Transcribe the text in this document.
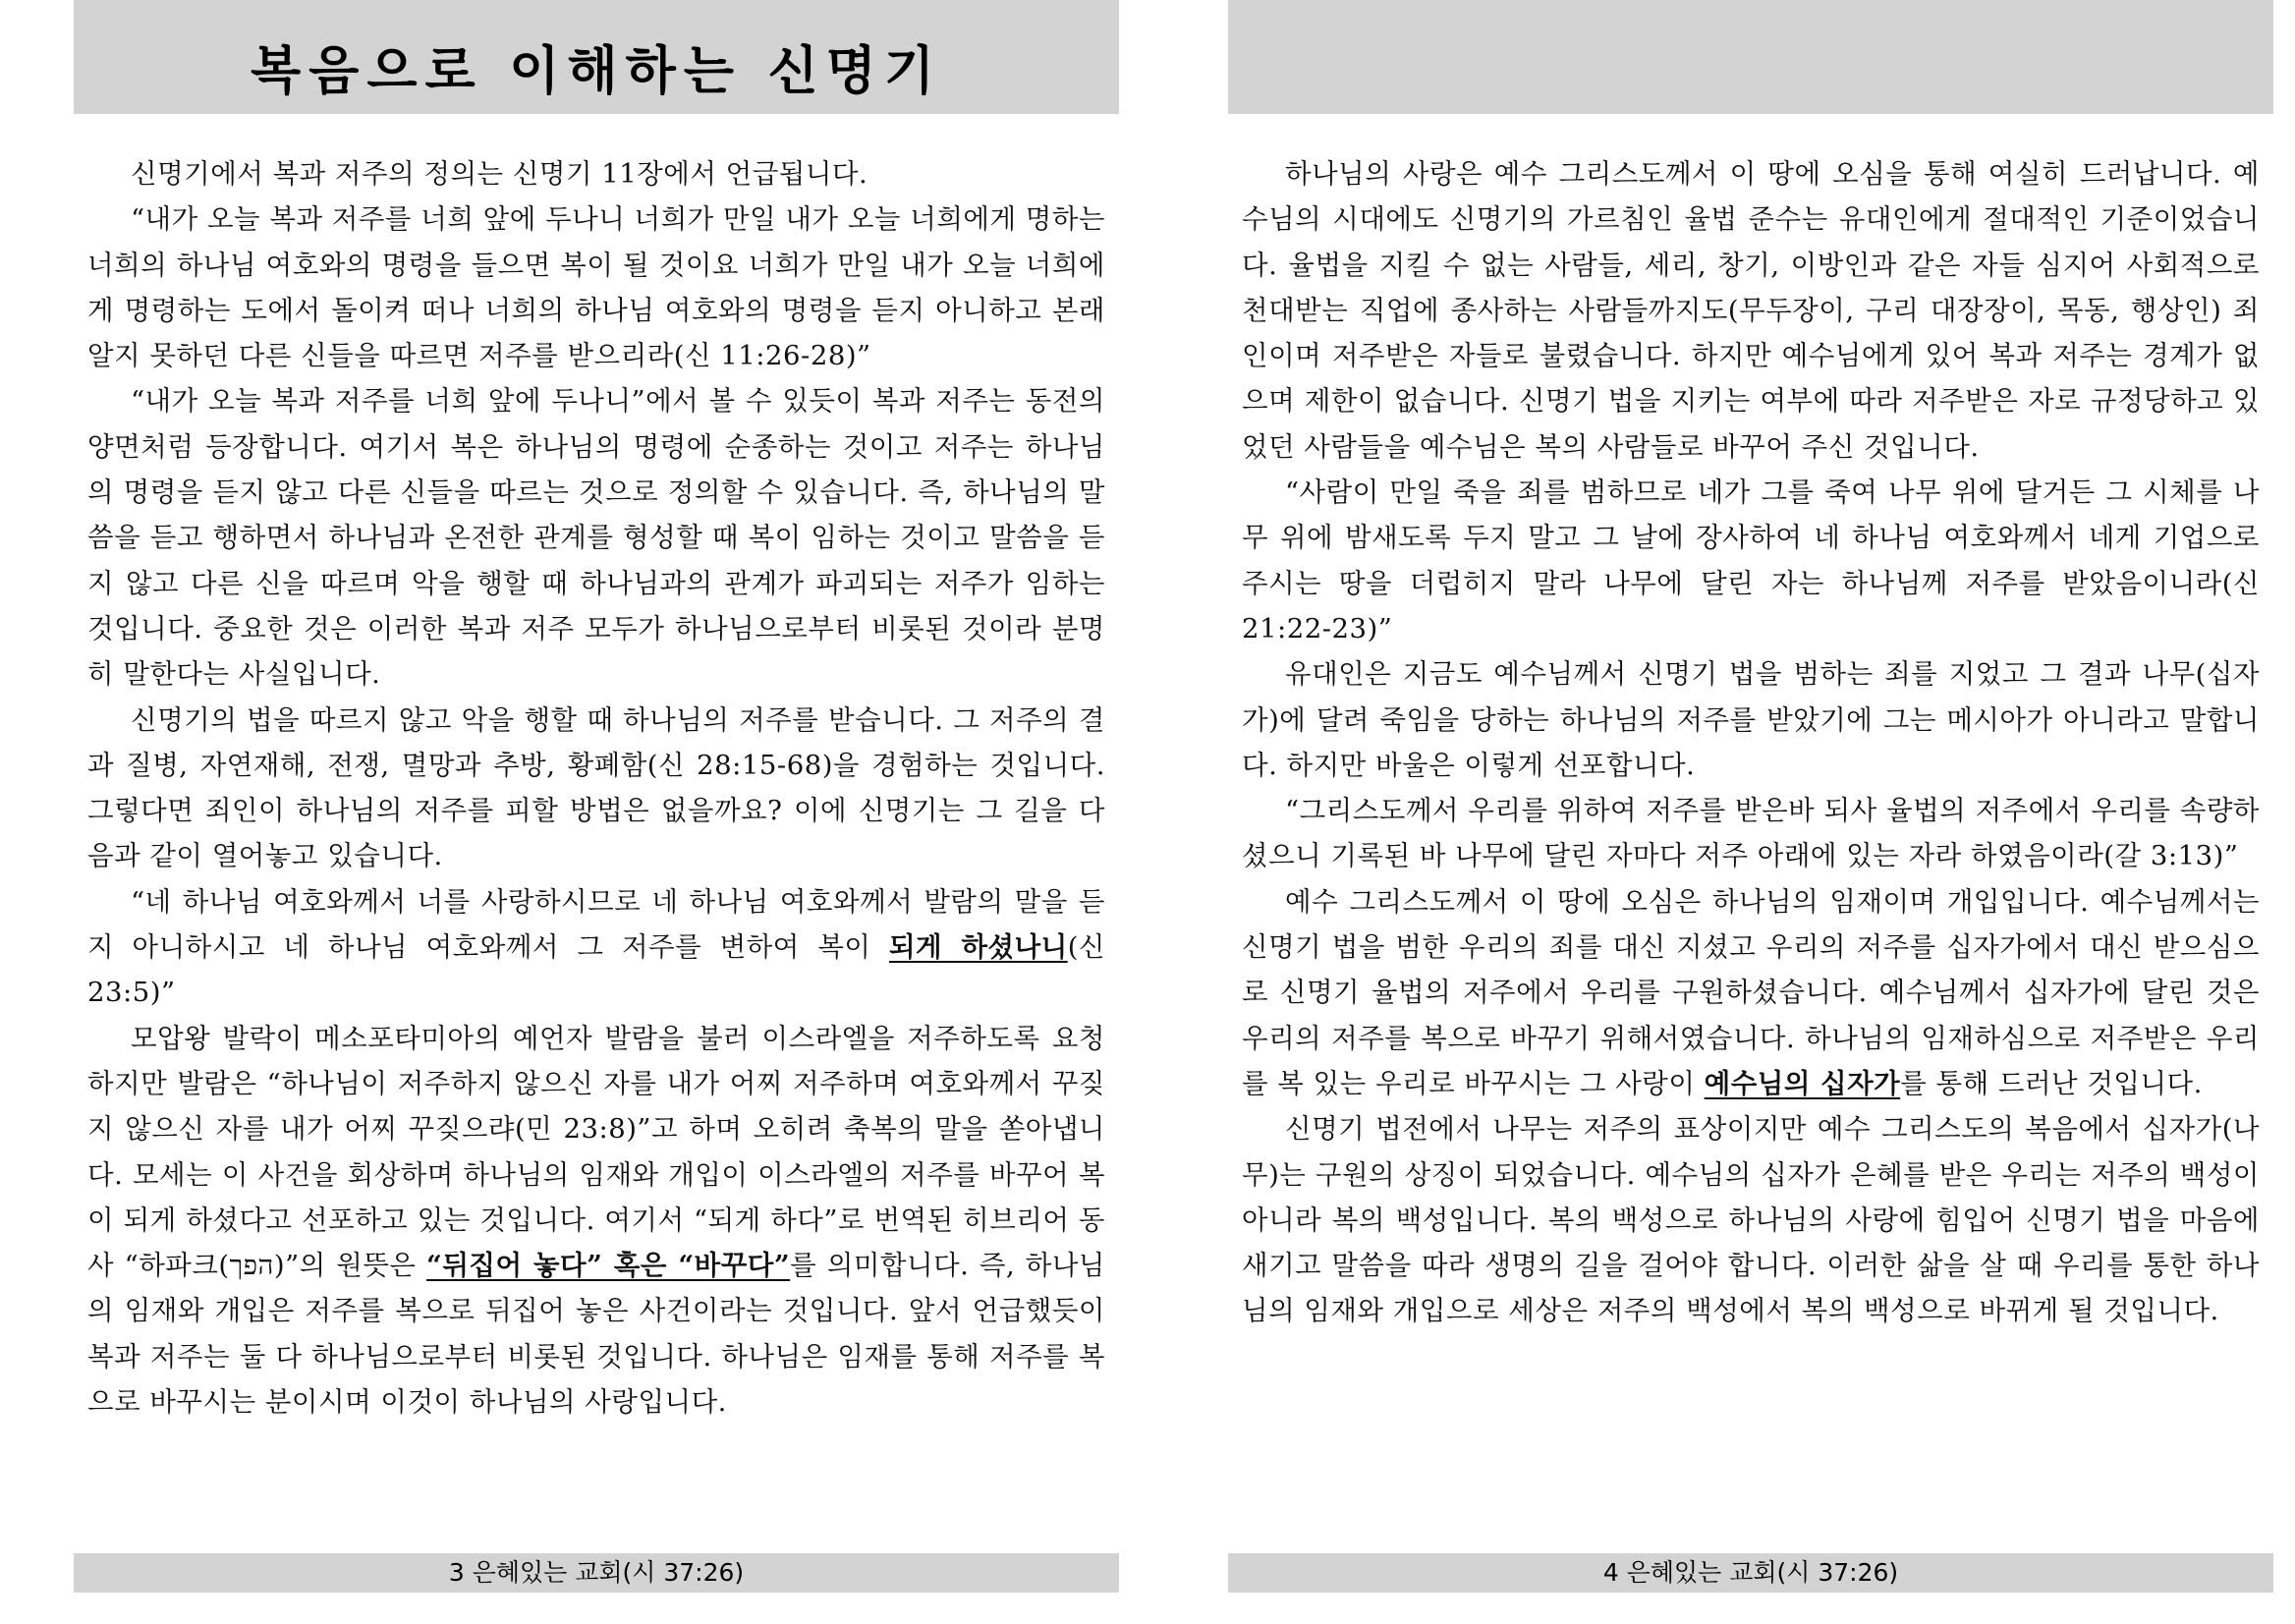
복음으로 이해하는 신명기

신명기에서 복과 저주의 정의는 신명기 11장에서 언급됩니다.

“내가 오늘 복과 저주를 너희 앞에 두나니 너희가 만일 내가 오늘 너희에게 명하는 너희의 하나님 여호와의 명령을 들으면 복이 될 것이요 너희가 만일 내가 오늘 너희에게 명령하는 도에서 돌이켜 떠나 너희의 하나님 여호와의 명령을 듣지 아니하고 본래 알지 못하던 다른 신들을 따르면 저주를 받으리라(신 11:26-28)”

“내가 오늘 복과 저주를 너희 앞에 두나니”에서 볼 수 있듯이 복과 저주는 동전의 양면처럼 등장합니다. 여기서 복은 하나님의 명령에 순종하는 것이고 저주는 하나님의 명령을 듣지 않고 다른 신들을 따르는 것으로 정의할 수 있습니다. 즉, 하나님의 말씀을 듣고 행하면서 하나님과 온전한 관계를 형성할 때 복이 임하는 것이고 말씀을 듣지 않고 다른 신을 따르며 악을 행할 때 하나님과의 관계가 파괴되는 저주가 임하는 것입니다. 중요한 것은 이러한 복과 저주 모두가 하나님으로부터 비롯된 것이라 분명히 말한다는 사실입니다.

신명기의 법을 따르지 않고 악을 행할 때 하나님의 저주를 받습니다. 그 저주의 결과 질병, 자연재해, 전쟁, 멸망과 추방, 황폐함(신 28:15-68)을 경험하는 것입니다. 그렇다면 죄인이 하나님의 저주를 피할 방법은 없을까요? 이에 신명기는 그 길을 다음과 같이 열어놓고 있습니다.

“네 하나님 여호와께서 너를 사랑하시므로 네 하나님 여호와께서 발람의 말을 듣지 아니하시고 네 하나님 여호와께서 그 저주를 변하여 복이 되게 하셨나니(신 23:5)”

모압왕 발락이 메소포타미아의 예언자 발람을 불러 이스라엘을 저주하도록 요청하지만 발람은 “하나님이 저주하지 않으신 자를 내가 어찌 저주하며 여호와께서 꾸짖지 않으신 자를 내가 어찌 꾸짖으랴(민 23:8)”고 하며 오히려 축복의 말을 쏟아냅니다. 모세는 이 사건을 회상하며 하나님의 임재와 개입이 이스라엘의 저주를 바꾸어 복이 되게 하셨다고 선포하고 있는 것입니다. 여기서 “되게 하다”로 번역된 히브리어 동사 “하파크(הפך)”의 원뜻은 “뒤집어 놓다” 혹은 “바꾸다”를 의미합니다. 즉, 하나님의 임재와 개입은 저주를 복으로 뒤집어 놓은 사건이라는 것입니다. 앞서 언급했듯이 복과 저주는 둘 다 하나님으로부터 비롯된 것입니다. 하나님은 임재를 통해 저주를 복으로 바꾸시는 분이시며 이것이 하나님의 사랑입니다.

3 은혜있는 교회(시 37:26)

하나님의 사랑은 예수 그리스도께서 이 땅에 오심을 통해 여실히 드러납니다. 예수님의 시대에도 신명기의 가르침인 율법 준수는 유대인에게 절대적인 기준이었습니다. 율법을 지킬 수 없는 사람들, 세리, 창기, 이방인과 같은 자들 심지어 사회적으로 천대받는 직업에 종사하는 사람들까지도(무두장이, 구리 대장장이, 목동, 행상인) 죄인이며 저주받은 자들로 불렸습니다. 하지만 예수님에게 있어 복과 저주는 경계가 없으며 제한이 없습니다. 신명기 법을 지키는 여부에 따라 저주받은 자로 규정당하고 있었던 사람들을 예수님은 복의 사람들로 바꾸어 주신 것입니다.

“사람이 만일 죽을 죄를 범하므로 네가 그를 죽여 나무 위에 달거든 그 시체를 나무 위에 밤새도록 두지 말고 그 날에 장사하여 네 하나님 여호와께서 네게 기업으로 주시는 땅을 더럽히지 말라 나무에 달린 자는 하나님께 저주를 받았음이니라(신 21:22-23)”

유대인은 지금도 예수님께서 신명기 법을 범하는 죄를 지었고 그 결과 나무(십자가)에 달려 죽임을 당하는 하나님의 저주를 받았기에 그는 메시아가 아니라고 말합니다. 하지만 바울은 이렇게 선포합니다.

“그리스도께서 우리를 위하여 저주를 받은바 되사 율법의 저주에서 우리를 속량하셨으니 기록된 바 나무에 달린 자마다 저주 아래에 있는 자라 하였음이라(갈 3:13)”

예수 그리스도께서 이 땅에 오심은 하나님의 임재이며 개입입니다. 예수님께서는 신명기 법을 범한 우리의 죄를 대신 지셨고 우리의 저주를 십자가에서 대신 받으심으로 신명기 율법의 저주에서 우리를 구원하셨습니다. 예수님께서 십자가에 달린 것은 우리의 저주를 복으로 바꾸기 위해서였습니다. 하나님의 임재하심으로 저주받은 우리를 복 있는 우리로 바꾸시는 그 사랑이 예수님의 십자가를 통해 드러난 것입니다.

신명기 법전에서 나무는 저주의 표상이지만 예수 그리스도의 복음에서 십자가(나무)는 구원의 상징이 되었습니다. 예수님의 십자가 은혜를 받은 우리는 저주의 백성이 아니라 복의 백성입니다. 복의 백성으로 하나님의 사랑에 힘입어 신명기 법을 마음에 새기고 말씀을 따라 생명의 길을 걸어야 합니다. 이러한 삶을 살 때 우리를 통한 하나님의 임재와 개입으로 세상은 저주의 백성에서 복의 백성으로 바뀌게 될 것입니다.

4 은혜있는 교회(시 37:26)
